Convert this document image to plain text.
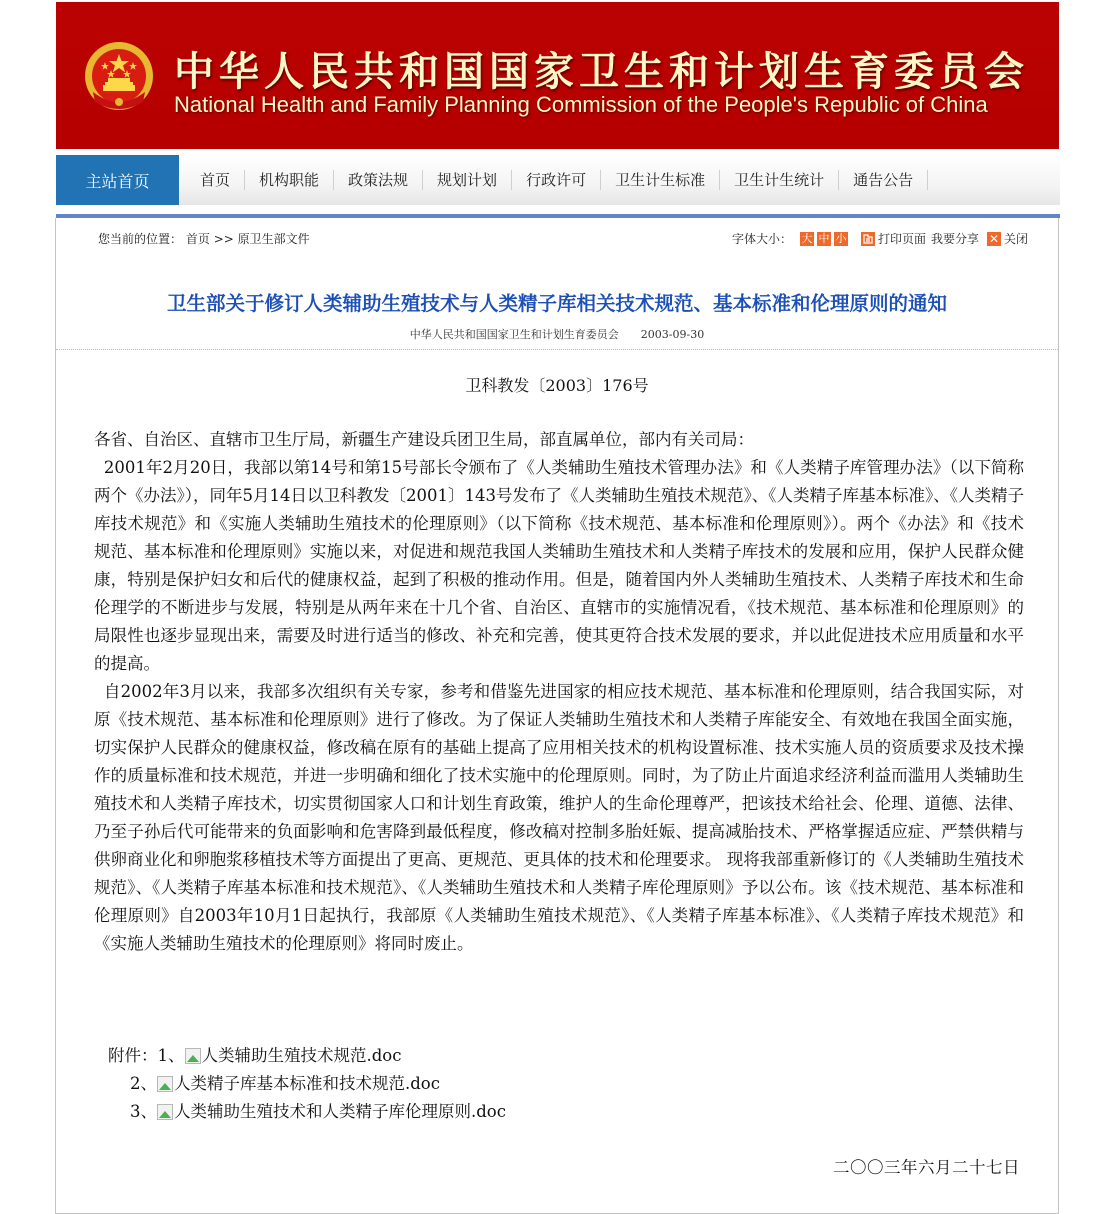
中华人民共和国国家卫生和计划生育委员会
National Health and Family Planning Commission of the People's Republic of China
主站首页	首页	机构职能	政策法规	规划计划	行政许可	卫生计生标准	卫生计生统计	通告公告
您当前的位置： 首页 >> 原卫生部文件	字体大小： 大 中 小	打印页面 我要分享 ✕ 关闭
卫生部关于修订人类辅助生殖技术与人类精子库相关技术规范、基本标准和伦理原则的通知
中华人民共和国国家卫生和计划生育委员会 2003-09-30
卫科教发〔2003〕176号

各省、自治区、直辖市卫生厅局，新疆生产建设兵团卫生局，部直属单位，部内有关司局：

2001年2月20日，我部以第14号和第15号部长令颁布了《人类辅助生殖技术管理办法》和《人类精子库管理办法》（以下简称两个《办法》），同年5月14日以卫科教发〔2001〕143号发布了《人类辅助生殖技术规范》、《人类精子库基本标准》、《人类精子库技术规范》和《实施人类辅助生殖技术的伦理原则》（以下简称《技术规范、基本标准和伦理原则》）。两个《办法》和《技术规范、基本标准和伦理原则》实施以来，对促进和规范我国人类辅助生殖技术和人类精子库技术的发展和应用，保护人民群众健康，特别是保护妇女和后代的健康权益，起到了积极的推动作用。但是，随着国内外人类辅助生殖技术、人类精子库技术和生命伦理学的不断进步与发展，特别是从两年来在十几个省、自治区、直辖市的实施情况看，《技术规范、基本标准和伦理原则》的局限性也逐步显现出来，需要及时进行适当的修改、补充和完善，使其更符合技术发展的要求，并以此促进技术应用质量和水平的提高。

自2002年3月以来，我部多次组织有关专家，参考和借鉴先进国家的相应技术规范、基本标准和伦理原则，结合我国实际，对原《技术规范、基本标准和伦理原则》进行了修改。为了保证人类辅助生殖技术和人类精子库能安全、有效地在我国全面实施，切实保护人民群众的健康权益，修改稿在原有的基础上提高了应用相关技术的机构设置标准、技术实施人员的资质要求及技术操作的质量标准和技术规范，并进一步明确和细化了技术实施中的伦理原则。同时，为了防止片面追求经济利益而滥用人类辅助生殖技术和人类精子库技术，切实贯彻国家人口和计划生育政策，维护人的生命伦理尊严，把该技术给社会、伦理、道德、法律、乃至子孙后代可能带来的负面影响和危害降到最低程度，修改稿对控制多胎妊娠、提高减胎技术、严格掌握适应症、严禁供精与供卵商业化和卵胞浆移植技术等方面提出了更高、更规范、更具体的技术和伦理要求。 现将我部重新修订的《人类辅助生殖技术规范》、《人类精子库基本标准和技术规范》、《人类辅助生殖技术和人类精子库伦理原则》予以公布。该《技术规范、基本标准和伦理原则》自2003年10月1日起执行，我部原《人类辅助生殖技术规范》、《人类精子库基本标准》、《人类精子库技术规范》和《实施人类辅助生殖技术的伦理原则》将同时废止。

附件： 1、 人类辅助生殖技术规范.doc
2、 人类精子库基本标准和技术规范.doc
3、 人类辅助生殖技术和人类精子库伦理原则.doc
二〇〇三年六月二十七日
